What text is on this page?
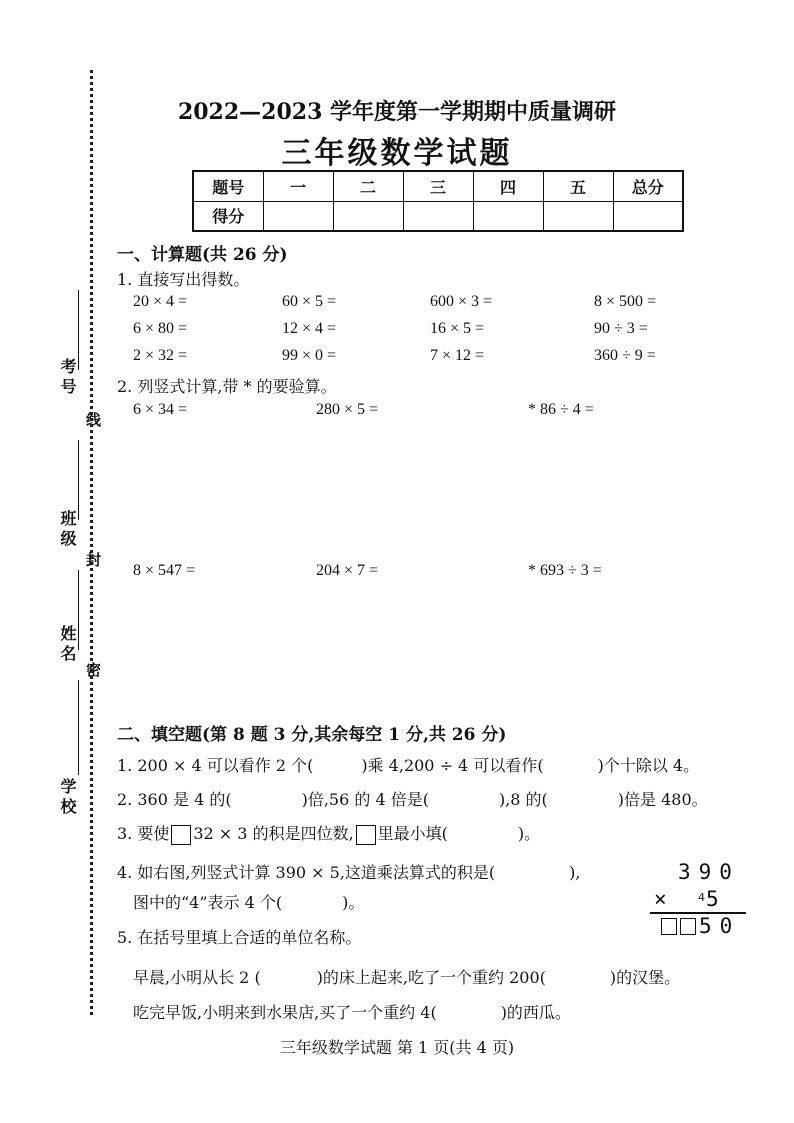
考号
线
班级
封
姓名
密
学校
2022—2023 学年度第一学期期中质量调研
三年级数学试题
题号	一	二	三	四	五	总分
得分						
一、计算题(共 26 分)
1. 直接写出得数。
20 × 4 =	60 × 5 =	600 × 3 =	8 × 500 =
6 × 80 =	12 × 4 =	16 × 5 =	90 ÷ 3 =
2 × 32 =	99 × 0 =	7 × 12 =	360 ÷ 9 =
2. 列竖式计算,带 * 的要验算。
6 × 34 =	280 × 5 =	* 86 ÷ 4 =
8 × 547 =	204 × 7 =	* 693 ÷ 3 =
二、填空题(第 8 题 3 分,其余每空 1 分,共 26 分)
1. 200 × 4 可以看作 2 个(	)乘 4,200 ÷ 4 可以看作(	)个十除以 4。
2. 360 是 4 的(	)倍,56 的 4 倍是(	),8 的(	)倍是 480。
3. 要使 32 × 3 的积是四位数, 里最小填(	)。
4. 如右图,列竖式计算 390 × 5,这道乘法算式的积是(	),
图中的“4”表示 4 个(	)。
390
× 4 5
50
5. 在括号里填上合适的单位名称。
早晨,小明从长 2 (	)的床上起来,吃了一个重约 200(	)的汉堡。
吃完早饭,小明来到水果店,买了一个重约 4(	)的西瓜。
三年级数学试题 第 1 页(共 4 页)
